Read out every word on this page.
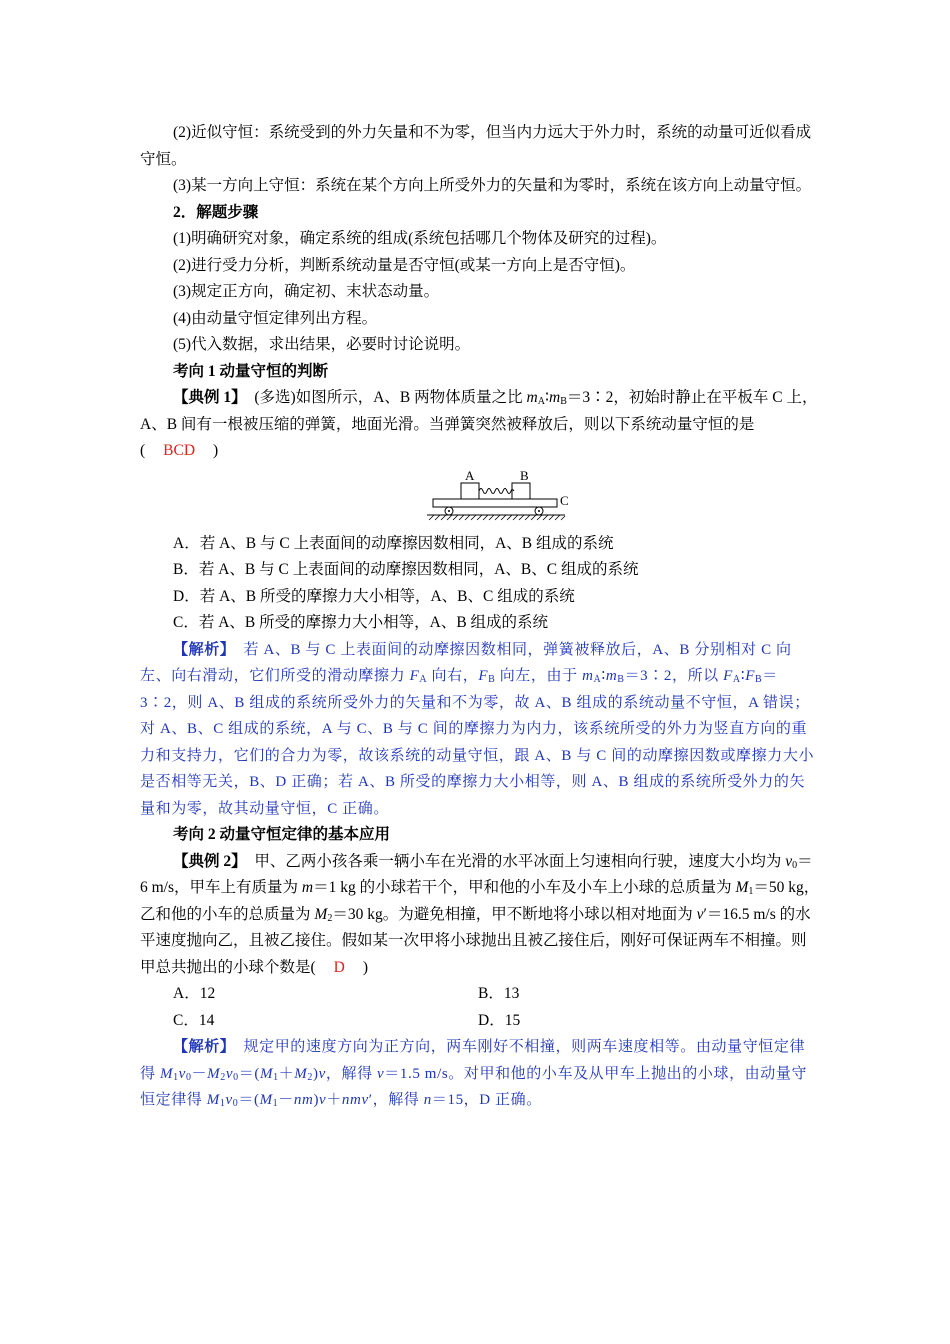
(2)近似守恒：系统受到的外力矢量和不为零，但当内力远大于外力时，系统的动量可近似看成守恒。

(3)某一方向上守恒：系统在某个方向上所受外力的矢量和为零时，系统在该方向上动量守恒。

2．解题步骤

(1)明确研究对象，确定系统的组成(系统包括哪几个物体及研究的过程)。

(2)进行受力分析，判断系统动量是否守恒(或某一方向上是否守恒)。

(3)规定正方向，确定初、末状态动量。

(4)由动量守恒定律列出方程。

(5)代入数据，求出结果，必要时讨论说明。

考向 1 动量守恒的判断

【典例 1】　(多选)如图所示，A、B 两物体质量之比 $m_A∶m_B=3∶2$，初始时静止在平板车 C 上，A、B 间有一根被压缩的弹簧，地面光滑。当弹簧突然被释放后，则以下系统动量守恒的是( BCD )

A	B
C

A．若 A、B 与 C 上表面间的动摩擦因数相同，A、B 组成的系统

B．若 A、B 与 C 上表面间的动摩擦因数相同，A、B、C 组成的系统

D．若 A、B 所受的摩擦力大小相等，A、B、C 组成的系统

C．若 A、B 所受的摩擦力大小相等，A、B 组成的系统

【解析】　若 A、B 与 C 上表面间的动摩擦因数相同，弹簧被释放后，A、B 分别相对 C 向左、向右滑动，它们所受的滑动摩擦力 $F_A$ 向右，$F_B$ 向左，由于 $m_A∶m_B=3∶2$，所以 $F_A∶F_B=3∶2$，则 A、B 组成的系统所受外力的矢量和不为零，故 A、B 组成的系统动量不守恒，A 错误；对 A、B、C 组成的系统，A 与 C、B 与 C 间的摩擦力为内力，该系统所受的外力为竖直方向的重力和支持力，它们的合力为零，故该系统的动量守恒，跟 A、B 与 C 间的动摩擦因数或摩擦力大小是否相等无关，B、D 正确；若 A、B 所受的摩擦力大小相等，则 A、B 组成的系统所受外力的矢量和为零，故其动量守恒，C 正确。

考向 2 动量守恒定律的基本应用

【典例 2】　甲、乙两小孩各乘一辆小车在光滑的水平冰面上匀速相向行驶，速度大小均为 $v_0=6$ m/s，甲车上有质量为 m＝1 kg 的小球若干个，甲和他的小车及小车上小球的总质量为 $M_1=50$ kg，乙和他的小车的总质量为 $M_2=30$ kg。为避免相撞，甲不断地将小球以相对地面为 v′＝16.5 m/s 的水平速度抛向乙，且被乙接住。假如某一次甲将小球抛出且被乙接住后，刚好可保证两车不相撞。则甲总共抛出的小球个数是( D )

A．12	B．13
C．14	D．15

【解析】　规定甲的速度方向为正方向，两车刚好不相撞，则两车速度相等。由动量守恒定律得 $M_1v_0-M_2v_0=(M_1+M_2)v$，解得 v＝1.5 m/s。对甲和他的小车及从甲车上抛出的小球，由动量守恒定律得 $M_1v_0=(M_1-nm)v+nmv'$，解得 n＝15，D 正确。
